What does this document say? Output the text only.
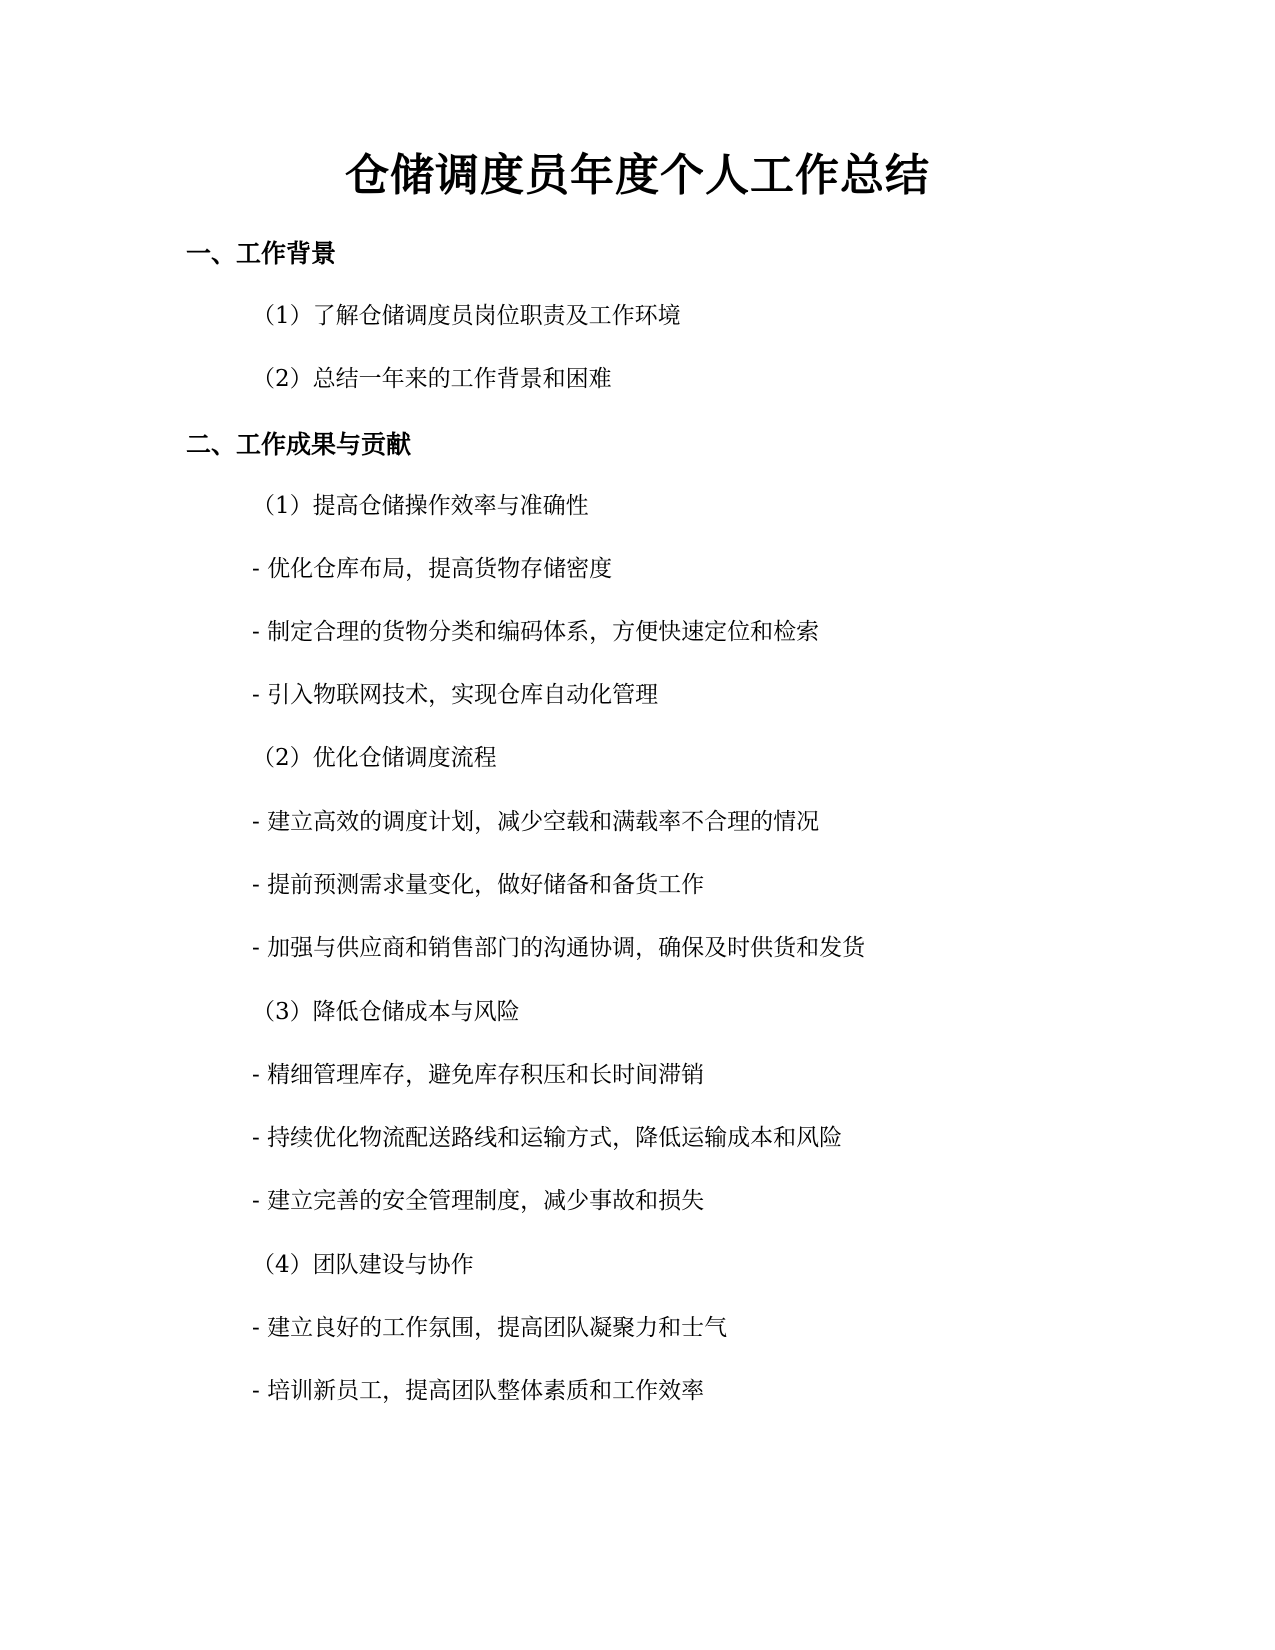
仓储调度员年度个人工作总结
一、工作背景

（1）了解仓储调度员岗位职责及工作环境

（2）总结一年来的工作背景和困难

二、工作成果与贡献

（1）提高仓储操作效率与准确性

- 优化仓库布局，提高货物存储密度

- 制定合理的货物分类和编码体系，方便快速定位和检索

- 引入物联网技术，实现仓库自动化管理

（2）优化仓储调度流程

- 建立高效的调度计划，减少空载和满载率不合理的情况

- 提前预测需求量变化，做好储备和备货工作

- 加强与供应商和销售部门的沟通协调，确保及时供货和发货

（3）降低仓储成本与风险

- 精细管理库存，避免库存积压和长时间滞销

- 持续优化物流配送路线和运输方式，降低运输成本和风险

- 建立完善的安全管理制度，减少事故和损失

（4）团队建设与协作

- 建立良好的工作氛围，提高团队凝聚力和士气

- 培训新员工，提高团队整体素质和工作效率
